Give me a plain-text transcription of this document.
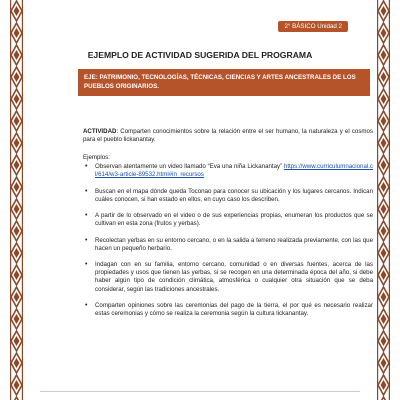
2° BÁSICO Unidad 2
EJEMPLO DE ACTIVIDAD SUGERIDA DEL PROGRAMA
EJE: PATRIMONIO, TECNOLOGÍAS, TÉCNICAS, CIENCIAS Y ARTES ANCESTRALES DE LOS PUEBLOS ORIGINARIOS.

ACTIVIDAD: Comparten conocimientos sobre la relación entre el ser humano, la naturaleza y el cosmos para el pueblo lickanantay.

Ejemplos:
• Observan atentamente un video llamado “Eva una niña Lickanantay” https://www.curriculumnacional.cl/614/w3-article-89532.html#in_recursos
• Buscan en el mapa dónde queda Toconao para conocer su ubicación y los lugares cercanos. Indican cuáles conocen, si han estado en ellos, en cuyo caso los describen.
• A partir de lo observado en el video o de sus experiencias propias, enumeran los productos que se cultivan en esta zona (frutos y yerbas).
• Recolectan yerbas en su entorno cercano, o en la salida a terreno realizada previamente, con las que hacen un pequeño herbario.
• Indagan con en su familia, entorno cercano, comunidad o en diversas fuentes, acerca de las propiedades y usos que tienen las yerbas, si se recogen en una determinada época del año, si debe haber algún tipo de condición climática, atmosférica o cualquier otra situación que se deba considerar, según las tradiciones ancestrales.
• Comparten opiniones sobre las ceremonias del pago de la tierra, el por qué es necesario realizar estas ceremonias y cómo se realiza la ceremonia según la cultura lickanantay.
